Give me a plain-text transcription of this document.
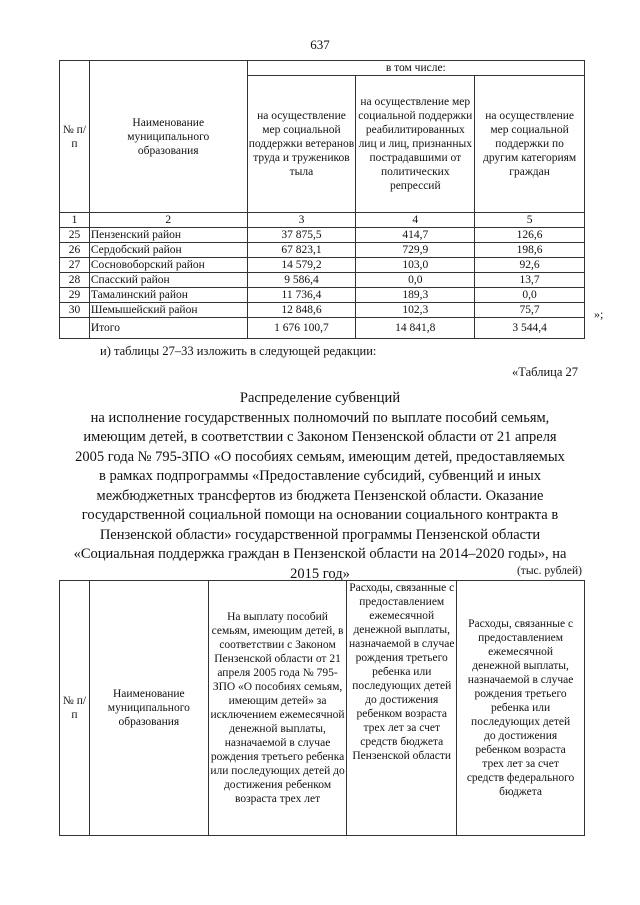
637
№ п/п	Наименование муниципального образования	в том числе:		
		на осуществление мер социальной поддержки ветеранов труда и тружеников тыла	на осуществление мер социальной поддержки реабилитированных лиц и лиц, признанных пострадавшими от политических репрессий	на осуществление мер социальной поддержки по другим категориям граждан
1	2	3	4	5
25	Пензенский район	37 875,5	414,7	126,6
26	Сердобский район	67 823,1	729,9	198,6
27	Сосновоборский район	14 579,2	103,0	92,6
28	Спасский район	9 586,4	0,0	13,7
29	Тамалинский район	11 736,4	189,3	0,0
30	Шемышейский район	12 848,6	102,3	75,7
	Итого	1 676 100,7	14 841,8	3 544,4
»;
и) таблицы 27–33 изложить в следующей редакции:
«Таблица 27
Распределение субвенций
на исполнение государственных полномочий по выплате пособий семьям,
имеющим детей, в соответствии с Законом Пензенской области от 21 апреля
2005 года № 795-ЗПО «О пособиях семьям, имеющим детей, предоставляемых
в рамках подпрограммы «Предоставление субсидий, субвенций и иных
межбюджетных трансфертов из бюджета Пензенской области. Оказание
государственной социальной помощи на основании социального контракта в
Пензенской области» государственной программы Пензенской области
«Социальная поддержка граждан в Пензенской области на 2014–2020 годы», на
2015 год»	(тыс. рублей)
№ п/п	Наименование муниципального образования	На выплату пособий семьям, имеющим детей, в соответствии с Законом Пензенской области от 21 апреля 2005 года № 795-ЗПО «О пособиях семьям, имеющим детей» за исключением ежемесячной денежной выплаты, назначаемой в случае рождения третьего ребенка или последующих детей до достижения ребенком возраста трех лет	Расходы, связанные с предоставлением ежемесячной денежной выплаты, назначаемой в случае рождения третьего ребенка или последующих детей до достижения ребенком возраста трех лет за счет средств бюджета Пензенской области	Расходы, связанные с предоставлением ежемесячной денежной выплаты, назначаемой в случае рождения третьего ребенка или последующих детей до достижения ребенком возраста трех лет за счет средств федерального бюджета
